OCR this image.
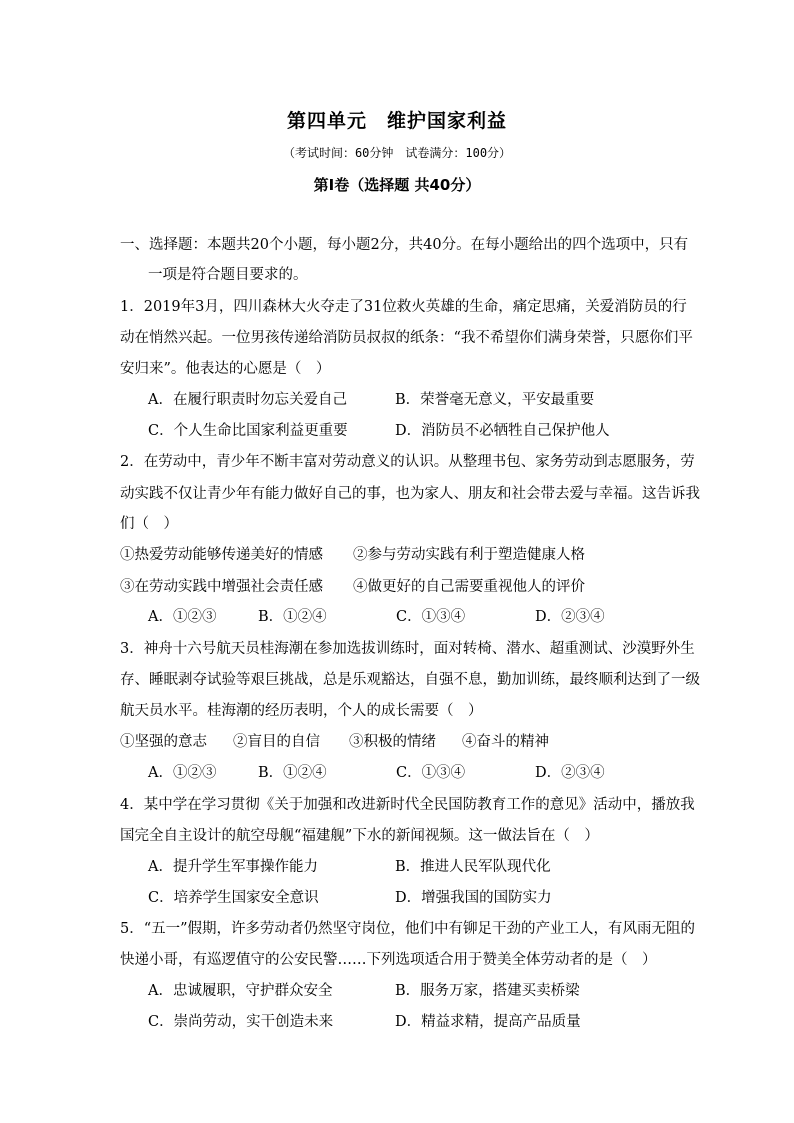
第四单元　维护国家利益
（考试时间：60分钟　试卷满分：100分）
第Ⅰ卷（选择题 共40分）
一、选择题：本题共20个小题，每小题2分，共40分。在每小题给出的四个选项中，只有
一项是符合题目要求的。
1．2019年3月，四川森林大火夺走了31位救火英雄的生命，痛定思痛，关爱消防员的行
动在悄然兴起。一位男孩传递给消防员叔叔的纸条：“我不希望你们满身荣誉，只愿你们平
安归来”。他表达的心愿是（　）
A．在履行职责时勿忘关爱自己	B．荣誉毫无意义，平安最重要
C．个人生命比国家利益更重要	D．消防员不必牺牲自己保护他人
2．在劳动中，青少年不断丰富对劳动意义的认识。从整理书包、家务劳动到志愿服务，劳
动实践不仅让青少年有能力做好自己的事，也为家人、朋友和社会带去爱与幸福。这告诉我
们（　）
①热爱劳动能够传递美好的情感 ②参与劳动实践有利于塑造健康人格
③在劳动实践中增强社会责任感 ④做更好的自己需要重视他人的评价
A．①②③	B．①②④	C．①③④	D．②③④
3．神舟十六号航天员桂海潮在参加选拔训练时，面对转椅、潜水、超重测试、沙漠野外生
存、睡眠剥夺试验等艰巨挑战，总是乐观豁达，自强不息，勤加训练，最终顺利达到了一级
航天员水平。桂海潮的经历表明，个人的成长需要（　）
①坚强的意志 ②盲目的自信 ③积极的情绪 ④奋斗的精神
A．①②③	B．①②④	C．①③④	D．②③④
4．某中学在学习贯彻《关于加强和改进新时代全民国防教育工作的意见》活动中，播放我
国完全自主设计的航空母舰“福建舰”下水的新闻视频。这一做法旨在（　）
A．提升学生军事操作能力	B．推进人民军队现代化
C．培养学生国家安全意识	D．增强我国的国防实力
5．“五一”假期，许多劳动者仍然坚守岗位，他们中有铆足干劲的产业工人，有风雨无阻的
快递小哥，有巡逻值守的公安民警……下列选项适合用于赞美全体劳动者的是（　）
A．忠诚履职，守护群众安全	B．服务万家，搭建买卖桥梁
C．崇尚劳动，实干创造未来	D．精益求精，提高产品质量
